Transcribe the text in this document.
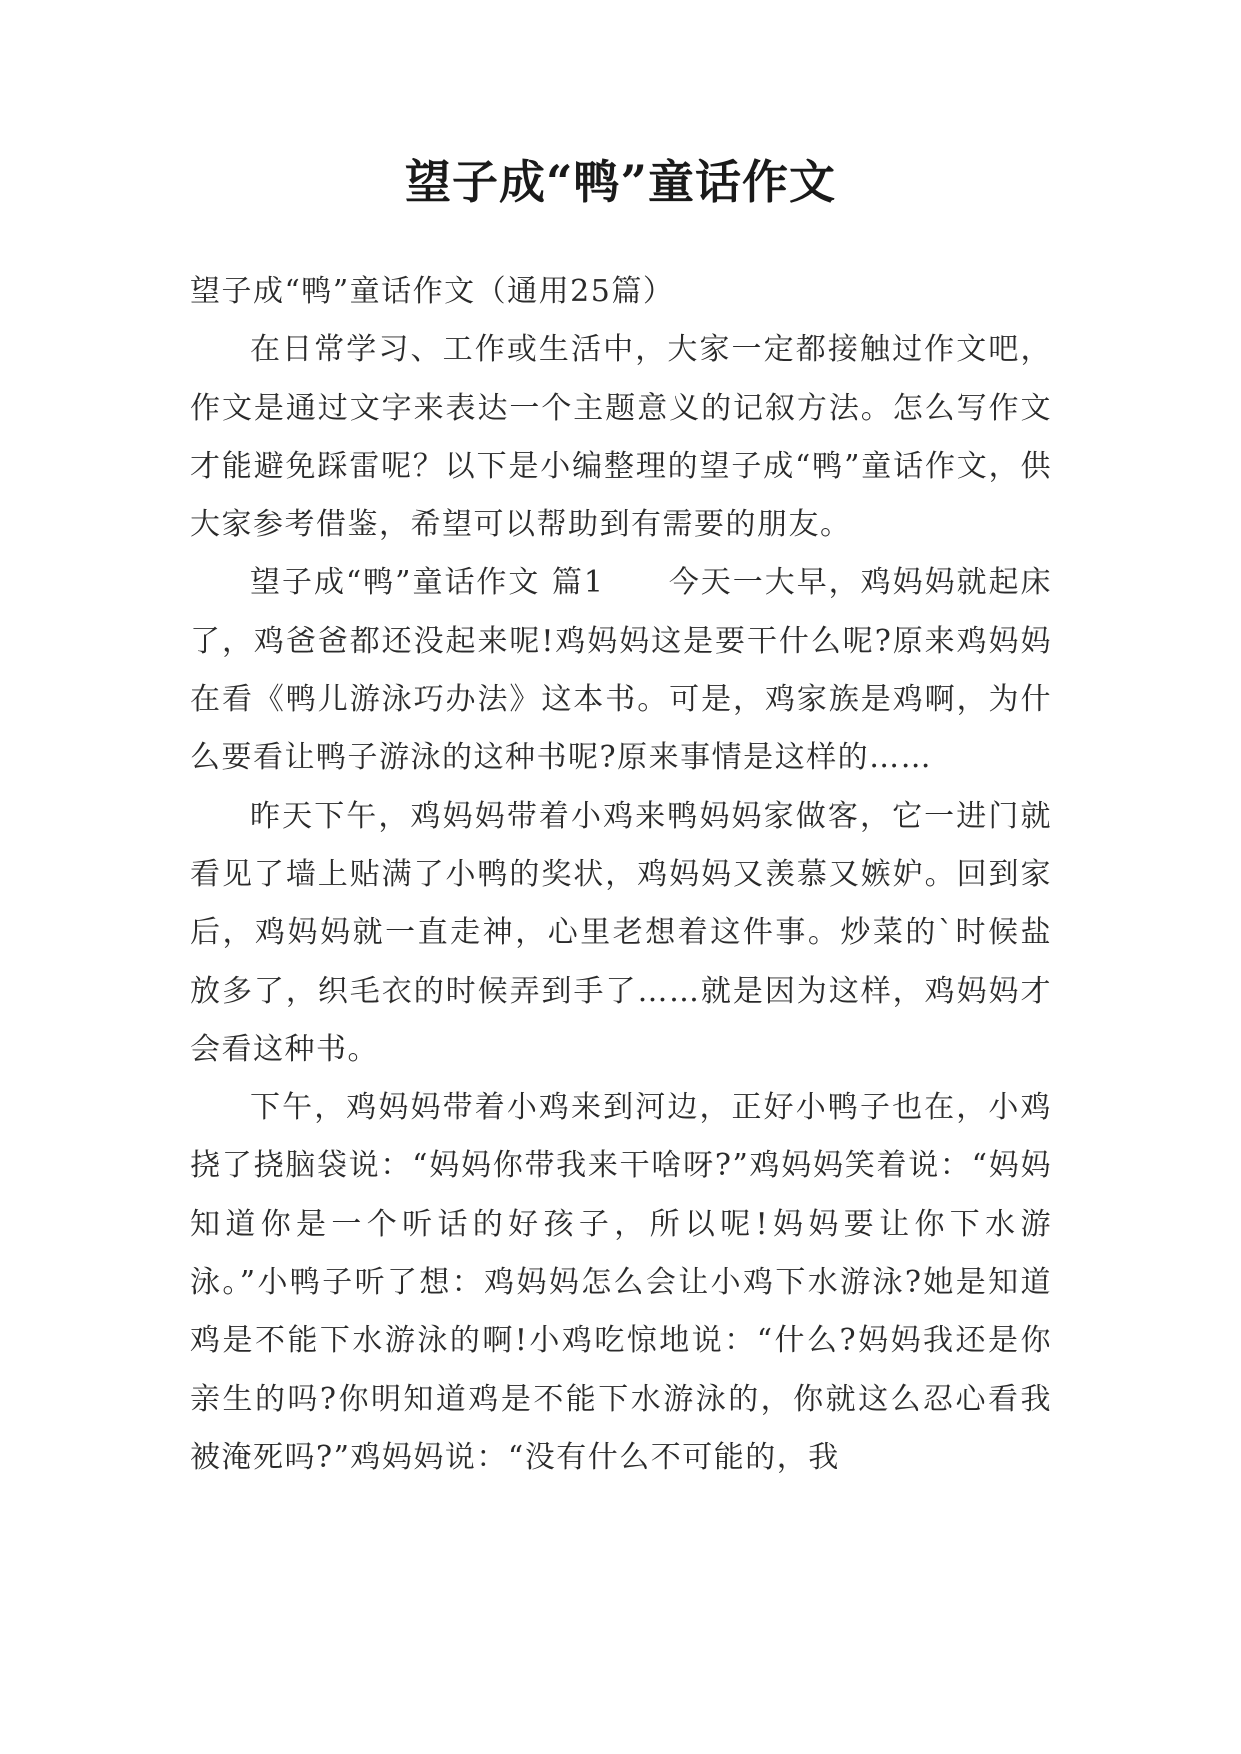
望子成“鸭”童话作文

望子成“鸭”童话作文（通用25篇）

在日常学习、工作或生活中，大家一定都接触过作文吧，作文是通过文字来表达一个主题意义的记叙方法。怎么写作文才能避免踩雷呢？以下是小编整理的望子成“鸭”童话作文，供大家参考借鉴，希望可以帮助到有需要的朋友。

望子成“鸭”童话作文 篇1　　今天一大早，鸡妈妈就起床了，鸡爸爸都还没起来呢!鸡妈妈这是要干什么呢?原来鸡妈妈在看《鸭儿游泳巧办法》这本书。可是，鸡家族是鸡啊，为什么要看让鸭子游泳的这种书呢?原来事情是这样的……

昨天下午，鸡妈妈带着小鸡来鸭妈妈家做客，它一进门就看见了墙上贴满了小鸭的奖状，鸡妈妈又羡慕又嫉妒。回到家后，鸡妈妈就一直走神，心里老想着这件事。炒菜的`时候盐放多了，织毛衣的时候弄到手了……就是因为这样，鸡妈妈才会看这种书。

下午，鸡妈妈带着小鸡来到河边，正好小鸭子也在，小鸡挠了挠脑袋说：“妈妈你带我来干啥呀?”鸡妈妈笑着说：“妈妈知道你是一个听话的好孩子，所以呢!妈妈要让你下水游泳。”小鸭子听了想：鸡妈妈怎么会让小鸡下水游泳?她是知道鸡是不能下水游泳的啊!小鸡吃惊地说：“什么?妈妈我还是你亲生的吗?你明知道鸡是不能下水游泳的，你就这么忍心看我被淹死吗?”鸡妈妈说：“没有什么不可能的，我
